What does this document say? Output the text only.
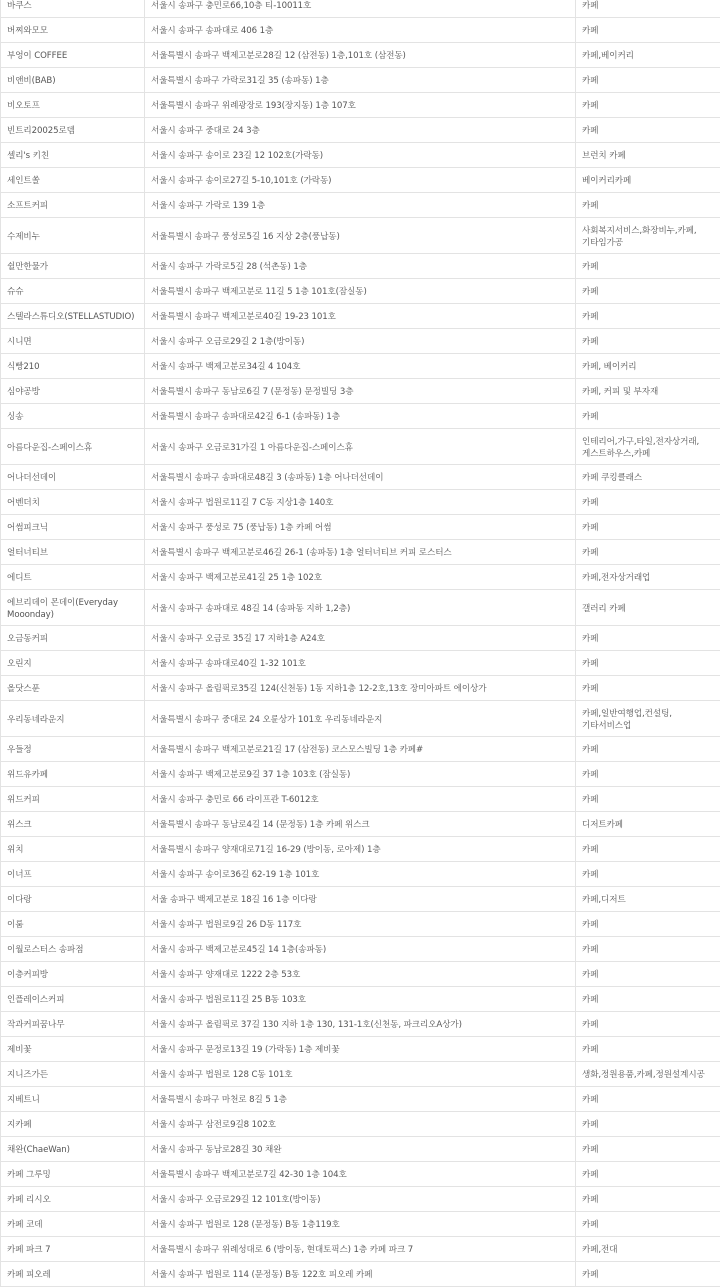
바쿠스	서울시 송파구 충민로66,10층 티-10011호	카페
버찌와모모	서울시 송파구 송파대로 406 1층	카페
부엉이 COFFEE	서울특별시 송파구 백제고분로28길 12 (삼전동) 1층,101호 (삼전동)	카페,베이커리
비앤비(BAB)	서울특별시 송파구 가락로31길 35 (송파동) 1층	카페
비오토프	서울특별시 송파구 위례광장로 193(장지동) 1층 107호	카페
빈트리20025로뎀	서울시 송파구 중대로 24 3층	카페
셀리's 키친	서울시 송파구 송이로 23길 12 102호(가락동)	브런치 카페
세인트쏠	서울시 송파구 송이로27길 5-10,101호 (가락동)	베이커리카페
소프트커피	서울시 송파구 가락로 139 1층	카페
수제비누	서울특별시 송파구 풍성로5길 16 지상 2층(풍납동)	사회복지서비스,화장비누,카페,기타임가공
쉴만한물가	서울시 송파구 가락로5길 28 (석촌동) 1층	카페
슈슈	서울특별시 송파구 백제고분로 11길 5 1층 101호(잠실동)	카페
스텔라스튜디오(STELLASTUDIO)	서울특별시 송파구 백제고분로40길 19-23 101호	카페
시니면	서울시 송파구 오금로29길 2 1층(방이동)	카페
식빵210	서울시 송파구 백제고분로34길 4 104호	카페, 베이커리
심야공방	서울특별시 송파구 동남로6길 7 (문정동) 문정빌딩 3층	카페, 커피 및 부자재
싱송	서울특별시 송파구 송파대로42길 6-1 (송파동) 1층	카페
아름다운집-스페이스휴	서울시 송파구 오금로31가길 1 아름다운집-스페이스휴	인테리어,가구,타일,전자상거래,게스트하우스,카페
어나더선데이	서울특별시 송파구 송파대로48길 3 (송파동) 1층 어나더선데이	카페 쿠킹클래스
어벤더치	서울시 송파구 법원로11길 7 C동 지상1층 140호	카페
어썸피크닉	서울시 송파구 풍성로 75 (풍납동) 1층 카페 어썸	카페
얼터너티브	서울특별시 송파구 백제고분로46길 26-1 (송파동) 1층 얼터너티브 커피 로스터스	카페
에디트	서울시 송파구 백제고분로41길 25 1층 102호	카페,전자상거래업
에브리데이 몬데이(Everyday Mooonday)	서울시 송파구 송파대로 48길 14 (송파동 지하 1,2층)	갤러리 카페
오금동커피	서울시 송파구 오금로 35길 17 지하1층 A24호	카페
오린지	서울시 송파구 송파대로40길 1-32 101호	카페
올닷스푼	서울시 송파구 올림픽로35길 124(신천동) 1동 지하1층 12-2호,13호 장미아파트 에이상가	카페
우리동네라운지	서울특별시 송파구 중대로 24 오륜상가 101호 우리동네라운지	카페,일반여행업,컨설팅,기타서비스업
우들정	서울특별시 송파구 백제고분로21길 17 (삼전동) 코스모스빌딩 1층 카페#	카페
위드유카페	서울시 송파구 백제고분로9길 37 1층 103호 (잠실동)	카페
위드커피	서울시 송파구 충민로 66 라이프관 T-6012호	카페
위스크	서울특별시 송파구 동남로4길 14 (문정동) 1층 카페 위스크	디저트카페
위치	서울특별시 송파구 양재대로71길 16-29 (방이동, 로아제) 1층	카페
이너프	서울시 송파구 송이로36길 62-19 1층 101호	카페
이다랑	서울 송파구 백제고분로 18길 16 1층 이다랑	카페,디저트
이룸	서울시 송파구 법원로9길 26 D동 117호	카페
이월로스터스 송파점	서울시 송파구 백제고분로45길 14 1층(송파동)	카페
이층커피방	서울시 송파구 양재대로 1222 2층 53호	카페
인플레이스커피	서울시 송파구 법원로11길 25 B동 103호	카페
작과커피꿈나무	서울시 송파구 올림픽로 37길 130 지하 1층 130, 131-1호(신천동, 파크리오A상가)	카페
제비꽃	서울시 송파구 문정로13길 19 (가락동) 1층 제비꽃	카페
지니즈가든	서울시 송파구 법원로 128 C동 101호	생화,정원용품,카페,정원설계시공
지베트니	서울특별시 송파구 마천로 8길 5 1층	카페
지카페	서울시 송파구 삼전로9길8 102호	카페
채완(ChaeWan)	서울시 송파구 동남로28길 30 채완	카페
카페 그루밍	서울특별시 송파구 백제고분로7길 42-30 1층 104호	카페
카페 리시오	서울시 송파구 오금로29길 12 101호(방이동)	카페
카페 코데	서울시 송파구 법원로 128 (문정동) B동 1층119호	카페
카페 파크 7	서울특별시 송파구 위례성대로 6 (방이동, 현대토픽스) 1층 카페 파크 7	카페,전대
카페 피오레	서울시 송파구 법원로 114 (문정동) B동 122호 피오레 카페	카페
